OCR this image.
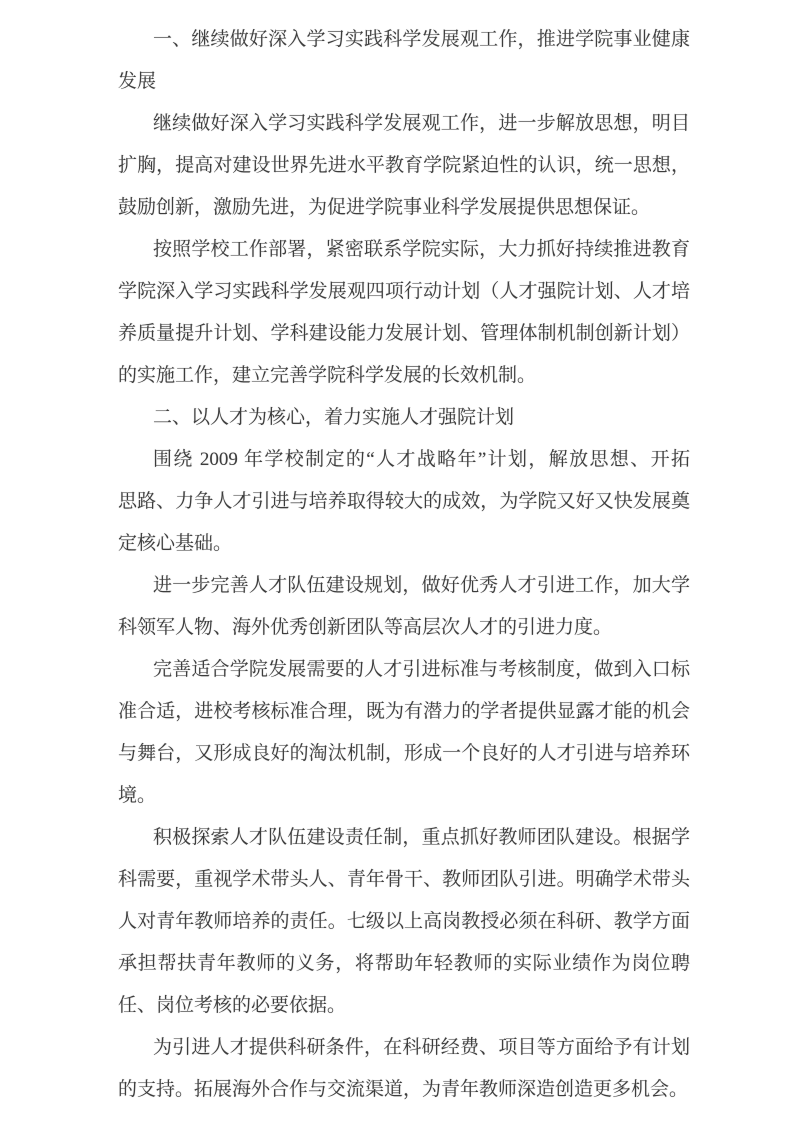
一、继续做好深入学习实践科学发展观工作，推进学院事业健康
发展
继续做好深入学习实践科学发展观工作，进一步解放思想，明目
扩胸，提高对建设世界先进水平教育学院紧迫性的认识，统一思想，
鼓励创新，激励先进，为促进学院事业科学发展提供思想保证。
按照学校工作部署，紧密联系学院实际，大力抓好持续推进教育
学院深入学习实践科学发展观四项行动计划（人才强院计划、人才培
养质量提升计划、学科建设能力发展计划、管理体制机制创新计划）
的实施工作，建立完善学院科学发展的长效机制。
二、以人才为核心，着力实施人才强院计划
围绕 2009 年学校制定的“人才战略年”计划，解放思想、开拓
思路、力争人才引进与培养取得较大的成效，为学院又好又快发展奠
定核心基础。
进一步完善人才队伍建设规划，做好优秀人才引进工作，加大学
科领军人物、海外优秀创新团队等高层次人才的引进力度。
完善适合学院发展需要的人才引进标准与考核制度，做到入口标
准合适，进校考核标准合理，既为有潜力的学者提供显露才能的机会
与舞台，又形成良好的淘汰机制，形成一个良好的人才引进与培养环
境。
积极探索人才队伍建设责任制，重点抓好教师团队建设。根据学
科需要，重视学术带头人、青年骨干、教师团队引进。明确学术带头
人对青年教师培养的责任。七级以上高岗教授必须在科研、教学方面
承担帮扶青年教师的义务，将帮助年轻教师的实际业绩作为岗位聘
任、岗位考核的必要依据。
为引进人才提供科研条件，在科研经费、项目等方面给予有计划
的支持。拓展海外合作与交流渠道，为青年教师深造创造更多机会。
